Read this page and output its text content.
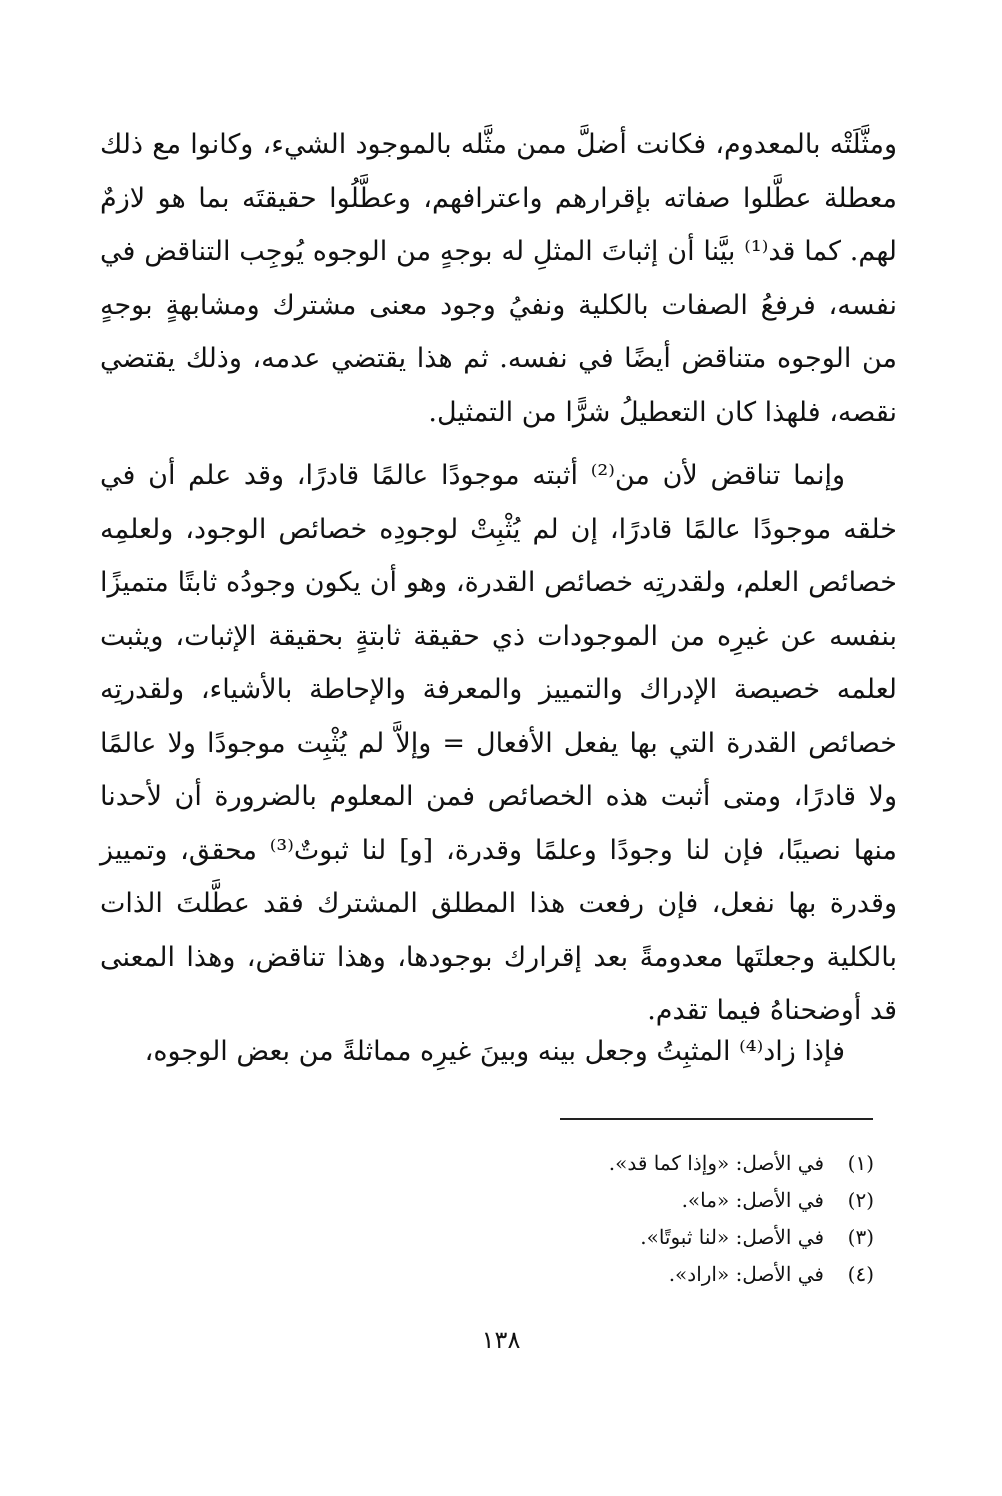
ومثَّلَتْه بالمعدوم، فكانت أضلَّ ممن مثَّله بالموجود الشيء، وكانوا مع ذلك معطلة عطَّلوا صفاته بإقرارهم واعترافهم، وعطَّلُوا حقيقتَه بما هو لازمٌ لهم. كما قد⁽¹⁾ بيَّنا أن إثباتَ المثلِ له بوجهٍ من الوجوه يُوجِب التناقض في نفسه، فرفعُ الصفات بالكلية ونفيُ وجود معنى مشترك ومشابهةٍ بوجهٍ من الوجوه متناقض أيضًا في نفسه. ثم هذا يقتضي عدمه، وذلك يقتضي نقصه، فلهذا كان التعطيلُ شرًّا من التمثيل.
وإنما تناقض لأن من⁽²⁾ أثبته موجودًا عالمًا قادرًا، وقد علم أن في خلقه موجودًا عالمًا قادرًا، إن لم يُثْبِتْ لوجودِه خصائص الوجود، ولعلمِه خصائص العلم، ولقدرتِه خصائص القدرة، وهو أن يكون وجودُه ثابتًا متميزًا بنفسه عن غيرِه من الموجودات ذي حقيقة ثابتةٍ بحقيقة الإثبات، ويثبت لعلمه خصيصة الإدراك والتمييز والمعرفة والإحاطة بالأشياء، ولقدرتِه خصائص القدرة التي بها يفعل الأفعال = وإلاَّ لم يُثْبِت موجودًا ولا عالمًا ولا قادرًا، ومتى أثبت هذه الخصائص فمن المعلوم بالضرورة أن لأحدنا منها نصيبًا، فإن لنا وجودًا وعلمًا وقدرة، [و] لنا ثبوتٌ⁽³⁾ محقق، وتمييز وقدرة بها نفعل، فإن رفعت هذا المطلق المشترك فقد عطَّلتَ الذات بالكلية وجعلتَها معدومةً بعد إقرارك بوجودها، وهذا تناقض، وهذا المعنى قد أوضحناهُ فيما تقدم.
فإذا زاد⁽⁴⁾ المثبِتُ وجعل بينه وبينَ غيرِه مماثلةً من بعض الوجوه،
(١)
في الأصل: «وإذا كما قد».
(٢)
في الأصل: «ما».
(٣)
في الأصل: «لنا ثبوتًا».
(٤)
في الأصل: «اراد».
١٣٨
